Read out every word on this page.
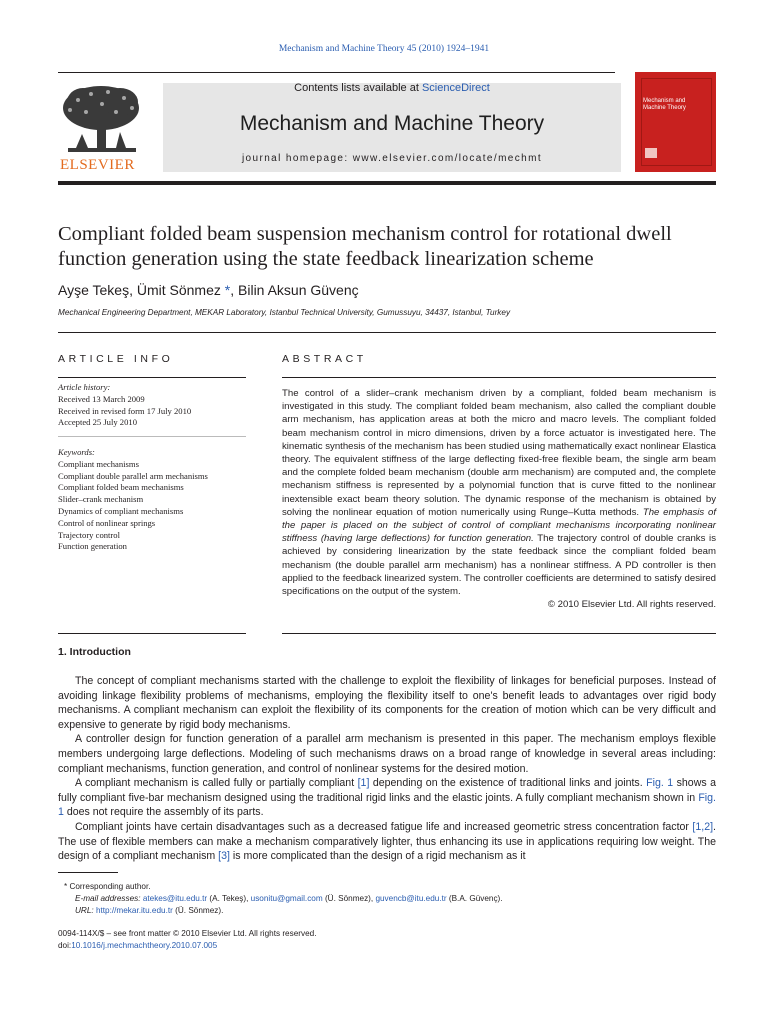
Mechanism and Machine Theory 45 (2010) 1924–1941
ELSEVIER
Contents lists available at ScienceDirect
Mechanism and Machine Theory
journal homepage: www.elsevier.com/locate/mechmt
Mechanism and Machine Theory
Compliant folded beam suspension mechanism control for rotational dwell function generation using the state feedback linearization scheme
Ayşe Tekeş, Ümit Sönmez *, Bilin Aksun Güvenç
Mechanical Engineering Department, MEKAR Laboratory, Istanbul Technical University, Gumussuyu, 34437, Istanbul, Turkey
ARTICLE INFO
Article history:
Received 13 March 2009
Received in revised form 17 July 2010
Accepted 25 July 2010
Keywords:
Compliant mechanisms
Compliant double parallel arm mechanisms
Compliant folded beam mechanisms
Slider–crank mechanism
Dynamics of compliant mechanisms
Control of nonlinear springs
Trajectory control
Function generation
ABSTRACT
The control of a slider–crank mechanism driven by a compliant, folded beam mechanism is investigated in this study. The compliant folded beam mechanism, also called the compliant double arm mechanism, has application areas at both the micro and macro levels. The compliant folded beam mechanism control in micro dimensions, driven by a force actuator is investigated here. The kinematic synthesis of the mechanism has been studied using mathematically exact nonlinear Elastica theory. The equivalent stiffness of the large deflecting fixed-free flexible beam, the single arm beam and the complete folded beam mechanism (double arm mechanism) are computed and, the complete mechanism stiffness is represented by a polynomial function that is curve fitted to the nonlinear inextensible exact beam theory solution. The dynamic response of the mechanism is obtained by solving the nonlinear equation of motion numerically using Runge–Kutta methods. The emphasis of the paper is placed on the subject of control of compliant mechanisms incorporating nonlinear stiffness (having large deflections) for function generation. The trajectory control of double cranks is achieved by considering linearization by the state feedback since the compliant folded beam mechanism (the double parallel arm mechanism) has a nonlinear stiffness. A PD controller is then applied to the feedback linearized system. The controller coefficients are determined to satisfy desired specifications on the output of the system.
© 2010 Elsevier Ltd. All rights reserved.
1. Introduction

The concept of compliant mechanisms started with the challenge to exploit the flexibility of linkages for beneficial purposes. Instead of avoiding linkage flexibility problems of mechanisms, employing the flexibility itself to one's benefit leads to advantages over rigid body mechanisms. A compliant mechanism can exploit the flexibility of its components for the creation of motion which can be very difficult and expensive to generate by rigid body mechanisms.

A controller design for function generation of a parallel arm mechanism is presented in this paper. The mechanism employs flexible members undergoing large deflections. Modeling of such mechanisms draws on a broad range of knowledge in several areas including: compliant mechanisms, function generation, and control of nonlinear systems for the desired motion.

A compliant mechanism is called fully or partially compliant [1] depending on the existence of traditional links and joints. Fig. 1 shows a fully compliant five-bar mechanism designed using the traditional rigid links and the elastic joints. A fully compliant mechanism shown in Fig. 1 does not require the assembly of its parts.

Compliant joints have certain disadvantages such as a decreased fatigue life and increased geometric stress concentration factor [1,2]. The use of flexible members can make a mechanism comparatively lighter, thus enhancing its use in applications requiring low weight. The design of a compliant mechanism [3] is more complicated than the design of a rigid mechanism as it

* Corresponding author.
E-mail addresses: atekes@itu.edu.tr (A. Tekeş), usonitu@gmail.com (Ü. Sönmez), guvencb@itu.edu.tr (B.A. Güvenç).
URL: http://mekar.itu.edu.tr (Ü. Sönmez).
0094-114X/$ – see front matter © 2010 Elsevier Ltd. All rights reserved.
doi:10.1016/j.mechmachtheory.2010.07.005
